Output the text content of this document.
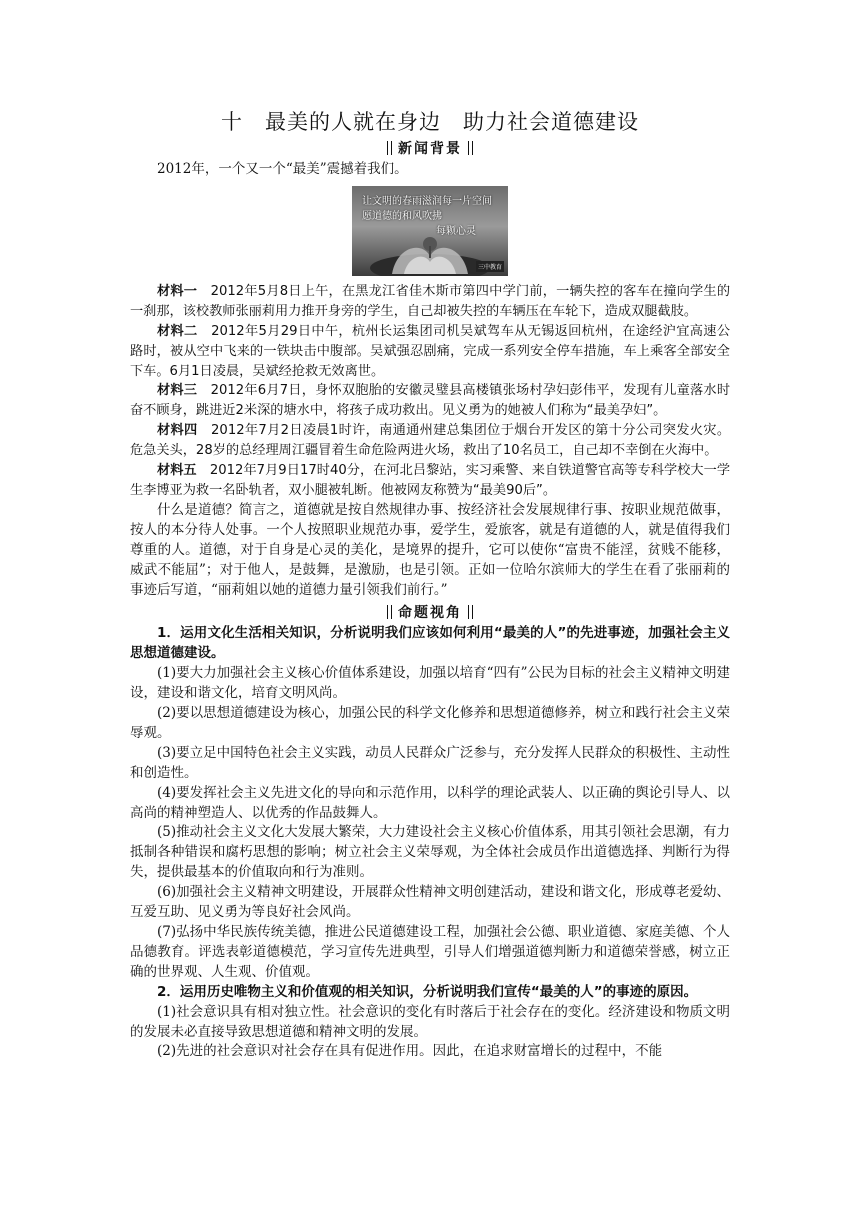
十　最美的人就在身边　助力社会道德建设
新闻背景

2012年，一个又一个“最美”震撼着我们。

让文明的春雨滋润每一片空间
愿道德的和风吹拂
每颗心灵
三中教育

材料一　2012年5月8日上午，在黑龙江省佳木斯市第四中学门前，一辆失控的客车在撞向学生的一刹那，该校教师张丽莉用力推开身旁的学生，自己却被失控的车辆压在车轮下，造成双腿截肢。

材料二　2012年5月29日中午，杭州长运集团司机吴斌驾车从无锡返回杭州，在途经沪宜高速公路时，被从空中飞来的一铁块击中腹部。吴斌强忍剧痛，完成一系列安全停车措施，车上乘客全部安全下车。6月1日凌晨，吴斌经抢救无效离世。

材料三　2012年6月7日，身怀双胞胎的安徽灵璧县高楼镇张场村孕妇彭伟平，发现有儿童落水时奋不顾身，跳进近2米深的塘水中，将孩子成功救出。见义勇为的她被人们称为“最美孕妇”。

材料四　2012年7月2日凌晨1时许，南通通州建总集团位于烟台开发区的第十分公司突发火灾。危急关头，28岁的总经理周江疆冒着生命危险两进火场，救出了10名员工，自己却不幸倒在火海中。

材料五　2012年7月9日17时40分，在河北吕黎站，实习乘警、来自铁道警官高等专科学校大一学生李博亚为救一名卧轨者，双小腿被轧断。他被网友称赞为“最美90后”。

什么是道德？简言之，道德就是按自然规律办事、按经济社会发展规律行事、按职业规范做事，按人的本分待人处事。一个人按照职业规范办事，爱学生，爱旅客，就是有道德的人，就是值得我们尊重的人。道德，对于自身是心灵的美化，是境界的提升，它可以使你“富贵不能淫，贫贱不能移，威武不能屈”；对于他人，是鼓舞，是激励，也是引领。正如一位哈尔滨师大的学生在看了张丽莉的事迹后写道，“丽莉姐以她的道德力量引领我们前行。”

命题视角

1．运用文化生活相关知识，分析说明我们应该如何利用“最美的人”的先进事迹，加强社会主义思想道德建设。

(1)要大力加强社会主义核心价值体系建设，加强以培育“四有”公民为目标的社会主义精神文明建设，建设和谐文化，培育文明风尚。

(2)要以思想道德建设为核心，加强公民的科学文化修养和思想道德修养，树立和践行社会主义荣辱观。

(3)要立足中国特色社会主义实践，动员人民群众广泛参与，充分发挥人民群众的积极性、主动性和创造性。

(4)要发挥社会主义先进文化的导向和示范作用，以科学的理论武装人、以正确的舆论引导人、以高尚的精神塑造人、以优秀的作品鼓舞人。

(5)推动社会主义文化大发展大繁荣，大力建设社会主义核心价值体系，用其引领社会思潮，有力抵制各种错误和腐朽思想的影响；树立社会主义荣辱观，为全体社会成员作出道德选择、判断行为得失，提供最基本的价值取向和行为准则。

(6)加强社会主义精神文明建设，开展群众性精神文明创建活动，建设和谐文化，形成尊老爱幼、互爱互助、见义勇为等良好社会风尚。

(7)弘扬中华民族传统美德，推进公民道德建设工程，加强社会公德、职业道德、家庭美德、个人品德教育。评选表彰道德模范，学习宣传先进典型，引导人们增强道德判断力和道德荣誉感，树立正确的世界观、人生观、价值观。

2．运用历史唯物主义和价值观的相关知识，分析说明我们宣传“最美的人”的事迹的原因。

(1)社会意识具有相对独立性。社会意识的变化有时落后于社会存在的变化。经济建设和物质文明的发展未必直接导致思想道德和精神文明的发展。

(2)先进的社会意识对社会存在具有促进作用。因此，在追求财富增长的过程中，不能
